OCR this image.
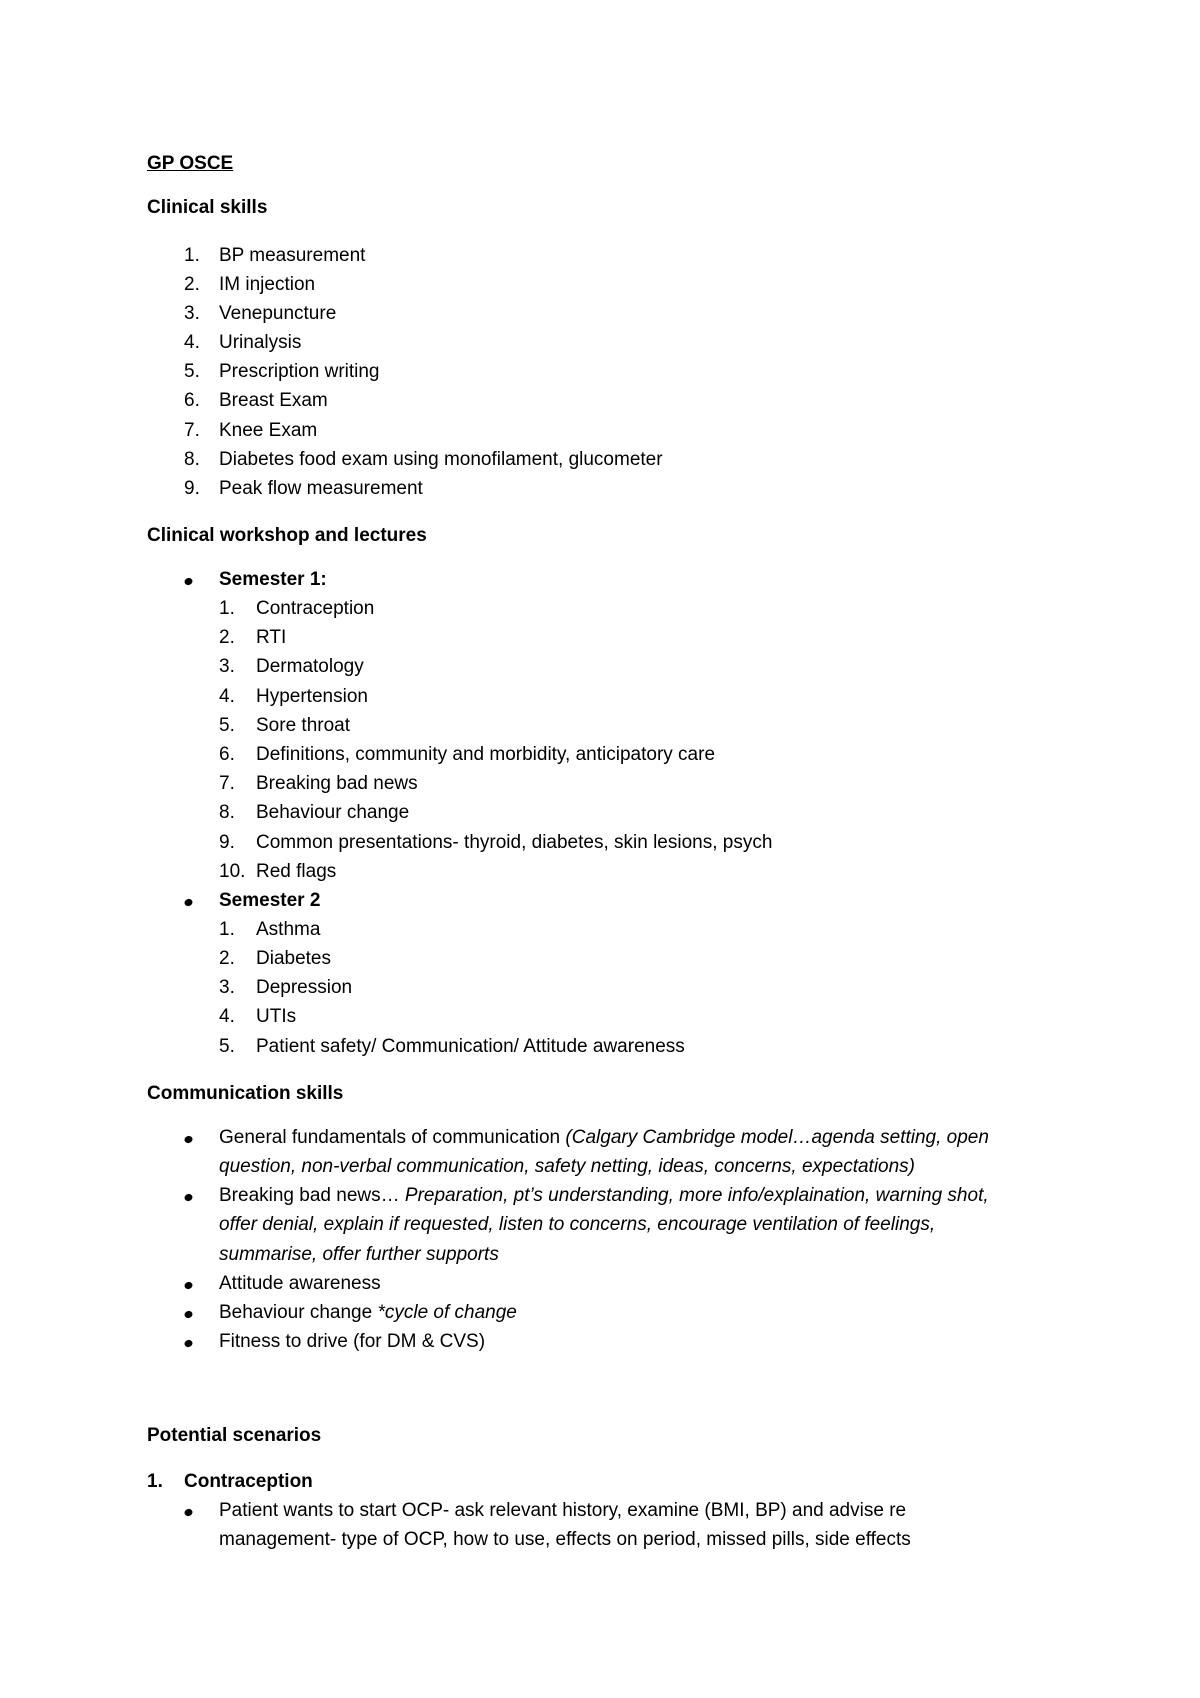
GP OSCE
Clinical skills
1.	BP measurement
2.	IM injection
3.	Venepuncture
4.	Urinalysis
5.	Prescription writing
6.	Breast Exam
7.	Knee Exam
8.	Diabetes food exam using monofilament, glucometer
9.	Peak flow measurement
Clinical workshop and lectures
Semester 1:
1.	Contraception
2.	RTI
3.	Dermatology
4.	Hypertension
5.	Sore throat
6.	Definitions, community and morbidity, anticipatory care
7.	Breaking bad news
8.	Behaviour change
9.	Common presentations- thyroid, diabetes, skin lesions, psych
10. Red flags
Semester 2
1.	Asthma
2.	Diabetes
3.	Depression
4.	UTIs
5.	Patient safety/ Communication/ Attitude awareness
Communication skills
General fundamentals of communication (Calgary Cambridge model…agenda setting, open
question, non-verbal communication, safety netting, ideas, concerns, expectations)
Breaking bad news… Preparation, pt’s understanding, more info/explaination, warning shot,
offer denial, explain if requested, listen to concerns, encourage ventilation of feelings,
summarise, offer further supports
Attitude awareness
Behaviour change *cycle of change
Fitness to drive (for DM & CVS)
Potential scenarios
1.	Contraception
Patient wants to start OCP- ask relevant history, examine (BMI, BP) and advise re
management- type of OCP, how to use, effects on period, missed pills, side effects
